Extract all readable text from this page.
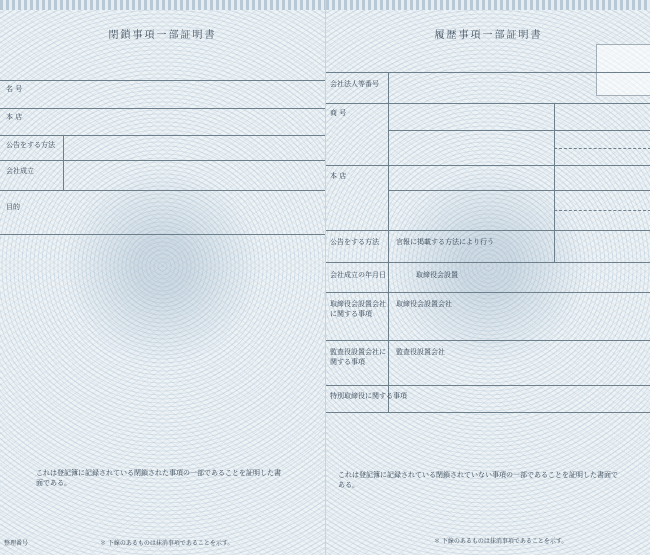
閉鎖事項一部証明書
名 号
本 店
公告をする方法
会社成立
目的
これは登記簿に記録されている閉鎖された事項の一部であることを証明した書面である。
整理番号	＊ 下線のあるものは抹消事項であることを示す。
履歴事項一部証明書
会社法人等番号
商 号
本 店
公告をする方法 官報に掲載する方法により行う
会社成立の年月日	取締役会設置
取締役会設置会社に関する事項
取締役会設置会社
監査役設置会社に関する事項
監査役設置会社
特別取締役に関する事項
これは登記簿に記録されている閉鎖されていない事項の一部であることを証明した書面である。
＊ 下線のあるものは抹消事項であることを示す。
